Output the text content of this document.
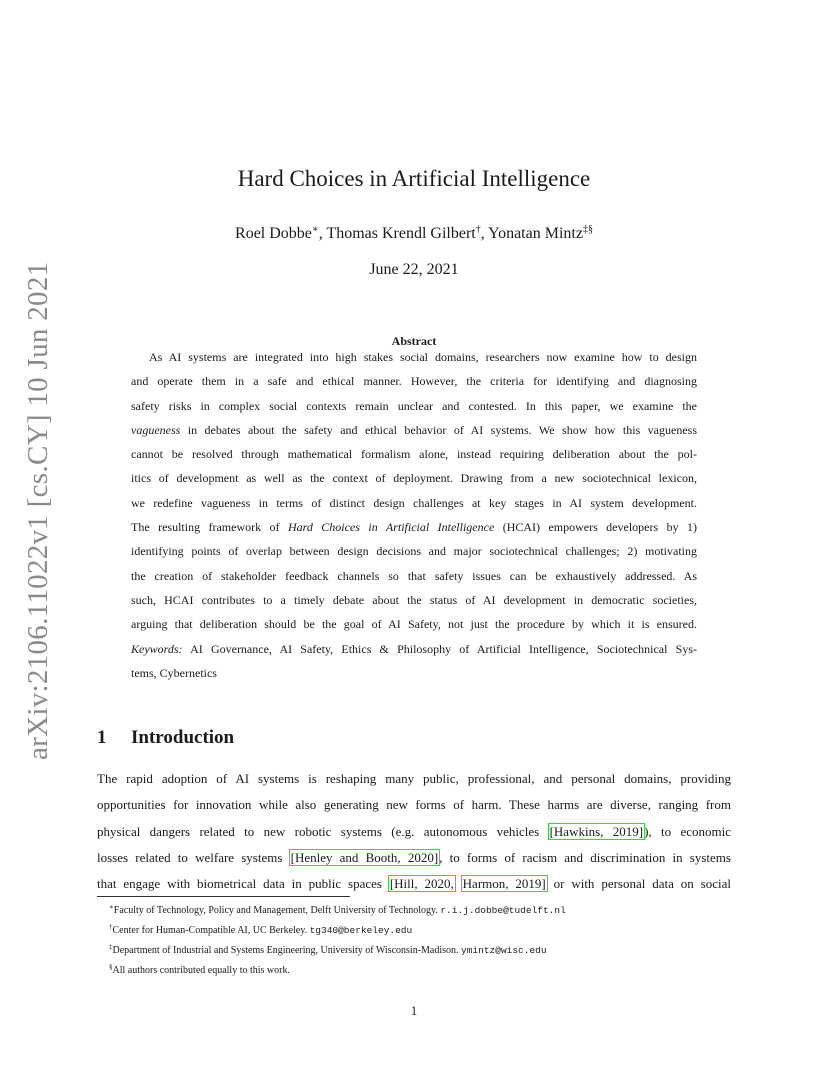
arXiv:2106.11022v1 [cs.CY] 10 Jun 2021
Hard Choices in Artificial Intelligence
Roel Dobbe∗, Thomas Krendl Gilbert†, Yonatan Mintz‡§
June 22, 2021
Abstract
As AI systems are integrated into high stakes social domains, researchers now examine how to design
and operate them in a safe and ethical manner. However, the criteria for identifying and diagnosing
safety risks in complex social contexts remain unclear and contested. In this paper, we examine the
vagueness in debates about the safety and ethical behavior of AI systems. We show how this vagueness
cannot be resolved through mathematical formalism alone, instead requiring deliberation about the pol-
itics of development as well as the context of deployment. Drawing from a new sociotechnical lexicon,
we redefine vagueness in terms of distinct design challenges at key stages in AI system development.
The resulting framework of Hard Choices in Artificial Intelligence (HCAI) empowers developers by 1)
identifying points of overlap between design decisions and major sociotechnical challenges; 2) motivating
the creation of stakeholder feedback channels so that safety issues can be exhaustively addressed. As
such, HCAI contributes to a timely debate about the status of AI development in democratic societies,
arguing that deliberation should be the goal of AI Safety, not just the procedure by which it is ensured.
Keywords: AI Governance, AI Safety, Ethics & Philosophy of Artificial Intelligence, Sociotechnical Sys-
tems, Cybernetics
1 Introduction
The rapid adoption of AI systems is reshaping many public, professional, and personal domains, providing
opportunities for innovation while also generating new forms of harm. These harms are diverse, ranging from
physical dangers related to new robotic systems (e.g. autonomous vehicles [Hawkins, 2019]), to economic
losses related to welfare systems [Henley and Booth, 2020], to forms of racism and discrimination in systems
that engage with biometrical data in public spaces [Hill, 2020, Harmon, 2019] or with personal data on social
∗Faculty of Technology, Policy and Management, Delft University of Technology. r.i.j.dobbe@tudelft.nl
†Center for Human-Compatible AI, UC Berkeley. tg340@berkeley.edu
‡Department of Industrial and Systems Engineering, University of Wisconsin-Madison. ymintz@wisc.edu
§All authors contributed equally to this work.
1
